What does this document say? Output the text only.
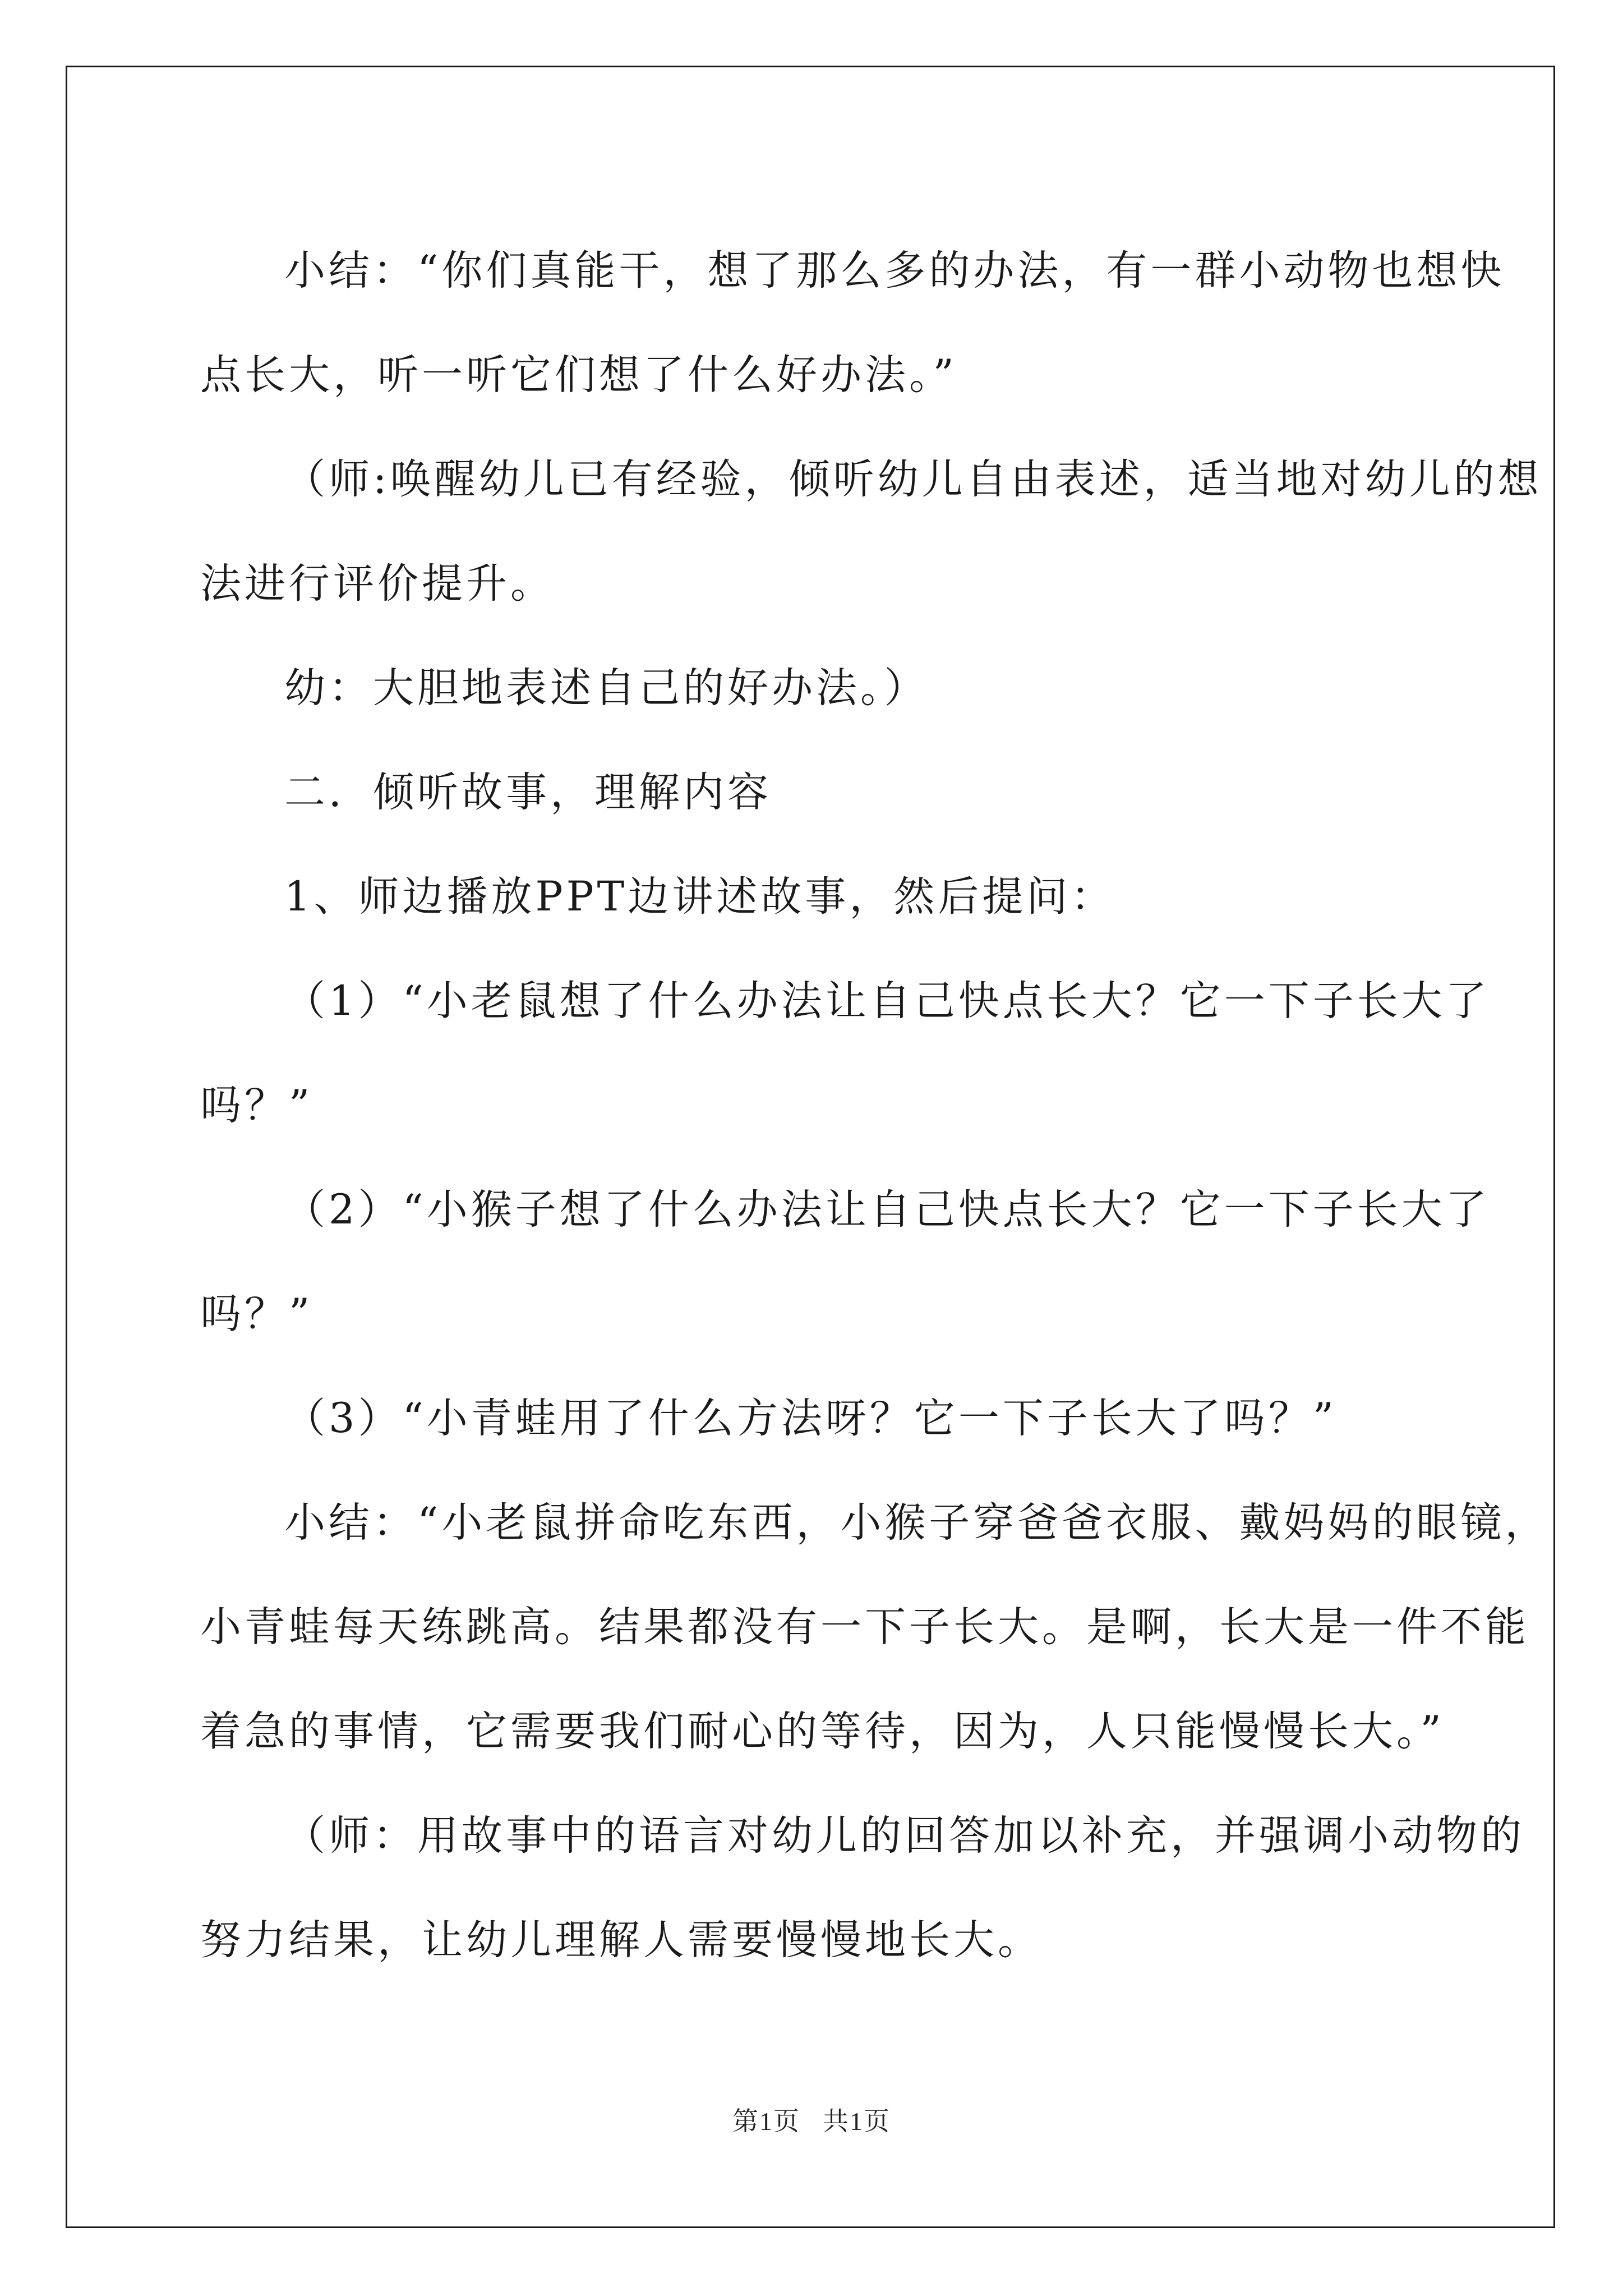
小结：“你们真能干，想了那么多的办法，有一群小动物也想快

点长大，听一听它们想了什么好办法。”

（师:唤醒幼儿已有经验，倾听幼儿自由表述，适当地对幼儿的想

法进行评价提升。

幼：大胆地表述自己的好办法。）

二．倾听故事，理解内容

1、师边播放PPT边讲述故事，然后提问：

（1）“小老鼠想了什么办法让自己快点长大？它一下子长大了

吗？”

（2）“小猴子想了什么办法让自己快点长大？它一下子长大了

吗？”

（3）“小青蛙用了什么方法呀？它一下子长大了吗？”

小结：“小老鼠拼命吃东西，小猴子穿爸爸衣服、戴妈妈的眼镜，

小青蛙每天练跳高。结果都没有一下子长大。是啊，长大是一件不能

着急的事情，它需要我们耐心的等待，因为，人只能慢慢长大。”

（师：用故事中的语言对幼儿的回答加以补充，并强调小动物的

努力结果，让幼儿理解人需要慢慢地长大。

第1页 共1页
